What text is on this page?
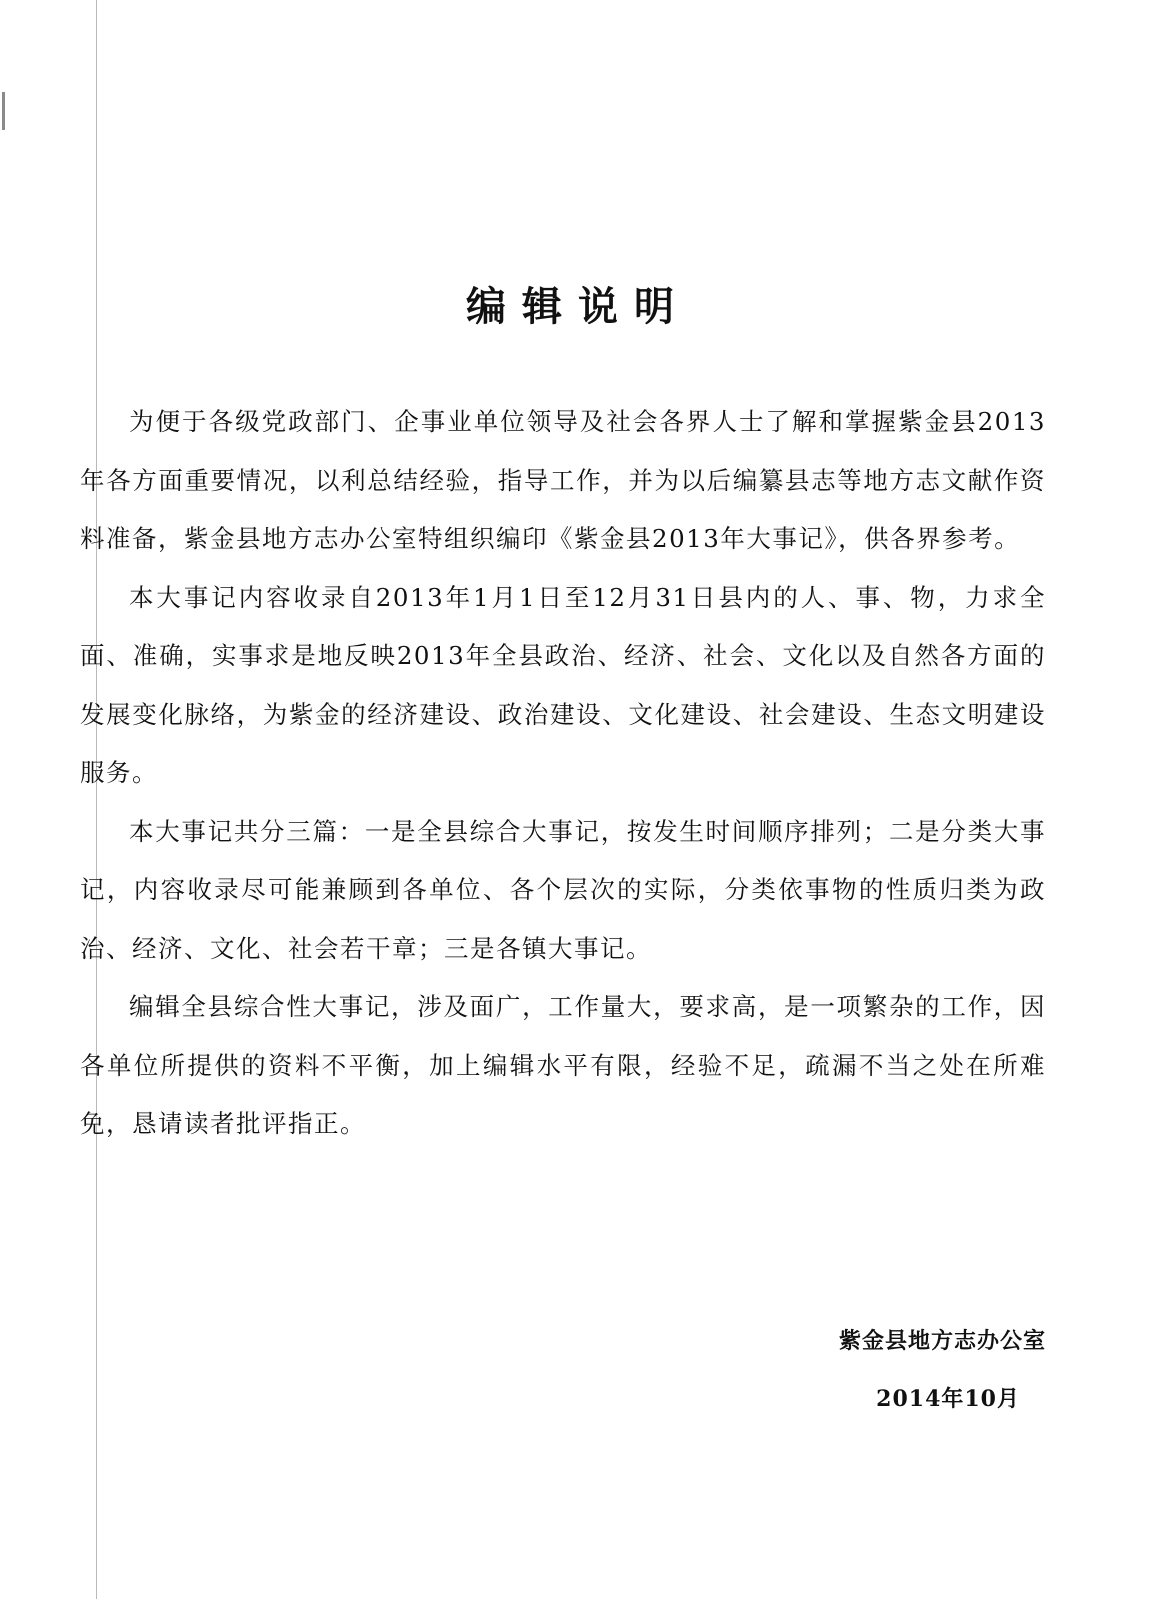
编辑说明

为便于各级党政部门、企事业单位领导及社会各界人士了解和掌握紫金县2013年各方面重要情况，以利总结经验，指导工作，并为以后编纂县志等地方志文献作资料准备，紫金县地方志办公室特组织编印《紫金县2013年大事记》，供各界参考。

本大事记内容收录自2013年1月1日至12月31日县内的人、事、物，力求全面、准确，实事求是地反映2013年全县政治、经济、社会、文化以及自然各方面的发展变化脉络，为紫金的经济建设、政治建设、文化建设、社会建设、生态文明建设服务。

本大事记共分三篇：一是全县综合大事记，按发生时间顺序排列；二是分类大事记，内容收录尽可能兼顾到各单位、各个层次的实际，分类依事物的性质归类为政治、经济、文化、社会若干章；三是各镇大事记。

编辑全县综合性大事记，涉及面广，工作量大，要求高，是一项繁杂的工作，因各单位所提供的资料不平衡，加上编辑水平有限，经验不足，疏漏不当之处在所难免，恳请读者批评指正。

紫金县地方志办公室

2014年10月
